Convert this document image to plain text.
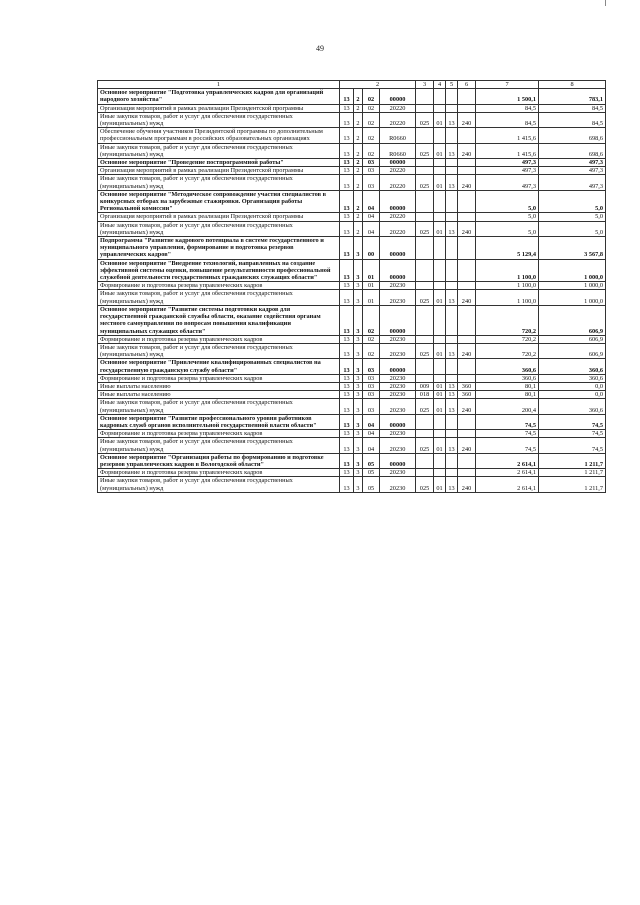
49
1	2				3	4	5	6	7	8
Основное мероприятие "Подготовка управленческих кадров для организаций народного хозяйства"	13	2	02	00000					1 500,1	783,1
Организация мероприятий в рамках реализации Президентской программы	13	2	02	20220					84,5	84,5
Иные закупки товаров, работ и услуг для обеспечения государственных (муниципальных) нужд	13	2	02	20220	025	01	13	240	84,5	84,5
Обеспечение обучения участников Президентской программы по дополнительным профессиональным программам в российских образовательных организациях	13	2	02	R0660					1 415,6	698,6
Иные закупки товаров, работ и услуг для обеспечения государственных (муниципальных) нужд	13	2	02	R0660	025	01	13	240	1 415,6	698,6
Основное мероприятие "Проведение постпрограммной работы"	13	2	03	00000					497,3	497,3
Организация мероприятий в рамках реализации Президентской программы	13	2	03	20220					497,3	497,3
Иные закупки товаров, работ и услуг для обеспечения государственных (муниципальных) нужд	13	2	03	20220	025	01	13	240	497,3	497,3
Основное мероприятие "Методическое сопровождение участия специалистов в конкурсных отборах на зарубежные стажировки. Организация работы Региональной комиссии"	13	2	04	00000					5,0	5,0
Организация мероприятий в рамках реализации Президентской программы	13	2	04	20220					5,0	5,0
Иные закупки товаров, работ и услуг для обеспечения государственных (муниципальных) нужд	13	2	04	20220	025	01	13	240	5,0	5,0
Подпрограмма "Развитие кадрового потенциала в системе государственного и муниципального управления, формирование и подготовка резервов управленческих кадров"	13	3	00	00000					5 129,4	3 567,8
Основное мероприятие "Внедрение технологий, направленных на создание эффективной системы оценки, повышение результативности профессиональной служебной деятельности государственных гражданских служащих области"	13	3	01	00000					1 100,0	1 000,0
Формирование и подготовка резерва управленческих кадров	13	3	01	20230					1 100,0	1 000,0
Иные закупки товаров, работ и услуг для обеспечения государственных (муниципальных) нужд	13	3	01	20230	025	01	13	240	1 100,0	1 000,0
Основное мероприятие "Развитие системы подготовки кадров для государственной гражданской службы области, оказание содействия органам местного самоуправления по вопросам повышения квалификации муниципальных служащих области"	13	3	02	00000					720,2	606,9
Формирование и подготовка резерва управленческих кадров	13	3	02	20230					720,2	606,9
Иные закупки товаров, работ и услуг для обеспечения государственных (муниципальных) нужд	13	3	02	20230	025	01	13	240	720,2	606,9
Основное мероприятие "Привлечение квалифицированных специалистов на государственную гражданскую службу области"	13	3	03	00000					360,6	360,6
Формирование и подготовка резерва управленческих кадров	13	3	03	20230					360,6	360,6
Иные выплаты населению	13	3	03	20230	009	01	13	360	80,1	0,0
Иные выплаты населению	13	3	03	20230	018	01	13	360	80,1	0,0
Иные закупки товаров, работ и услуг для обеспечения государственных (муниципальных) нужд	13	3	03	20230	025	01	13	240	200,4	360,6
Основное мероприятие "Развитие профессионального уровня работников кадровых служб органов исполнительной государственной власти области"	13	3	04	00000					74,5	74,5
Формирование и подготовка резерва управленческих кадров	13	3	04	20230					74,5	74,5
Иные закупки товаров, работ и услуг для обеспечения государственных (муниципальных) нужд	13	3	04	20230	025	01	13	240	74,5	74,5
Основное мероприятие "Организация работы по формированию и подготовке резервов управленческих кадров в Вологодской области"	13	3	05	00000					2 614,1	1 211,7
Формирование и подготовка резерва управленческих кадров	13	3	05	20230					2 614,1	1 211,7
Иные закупки товаров, работ и услуг для обеспечения государственных (муниципальных) нужд	13	3	05	20230	025	01	13	240	2 614,1	1 211,7
